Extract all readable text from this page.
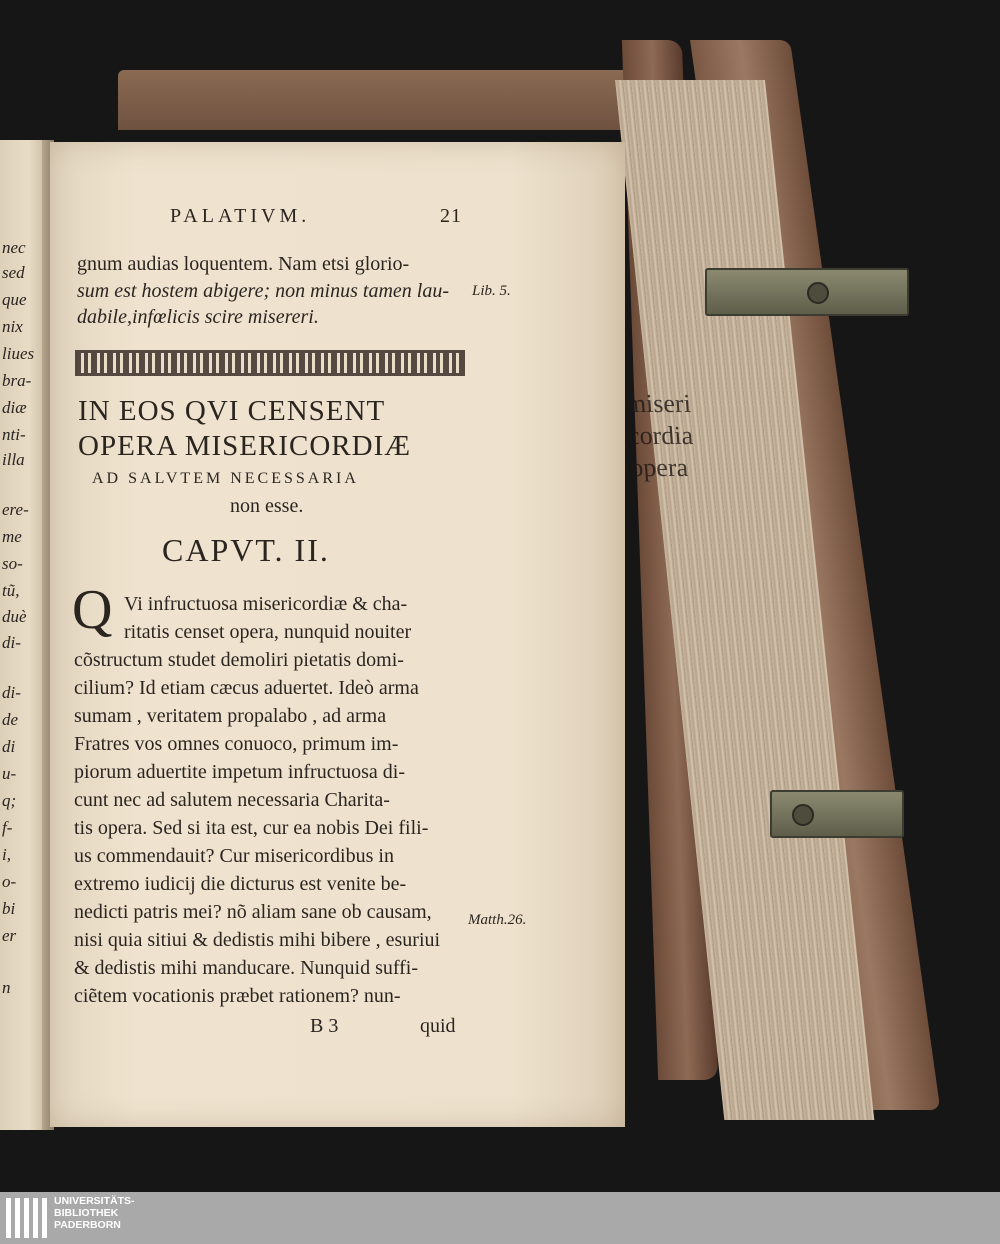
miseri
cordia
opera
nec
sed
que
nix
liues
bra-
diæ
nti-
illa
ere-
me
so-
tũ,
duè
di-
di-
de
di
u-
q;
f-
i,
o-
bi
er
n
PALATIVM.	21
gnum audias loquentem. Nam etsi glorio-
sum est hostem abigere; non minus tamen lau-
dabile,infœlicis scire misereri.
Lib. 5.
IN EOS QVI CENSENT
OPERA MISERICORDIÆ
AD SALVTEM NECESSARIA
non esse.
CAPVT. II.
Q Vi infructuosa misericordiæ & cha-
ritatis censet opera, nunquid nouiter
cõstructum studet demoliri pietatis domi-
cilium? Id etiam cæcus aduertet. Ideò arma
sumam , veritatem propalabo , ad arma
Fratres vos omnes conuoco, primum im-
piorum aduertite impetum infructuosa di-
cunt nec ad salutem necessaria Charita-
tis opera. Sed si ita est, cur ea nobis Dei fili-
us commendauit? Cur misericordibus in
extremo iudicij die dicturus est venite be-
nedicti patris mei? nõ aliam sane ob causam,
nisi quia sitiui & dedistis mihi bibere , esuriui
& dedistis mihi manducare. Nunquid suffi-
ciẽtem vocationis præbet rationem? nun-
Matth.26.
B 3	quid
UNIVERSITÄTS-
BIBLIOTHEK
PADERBORN
